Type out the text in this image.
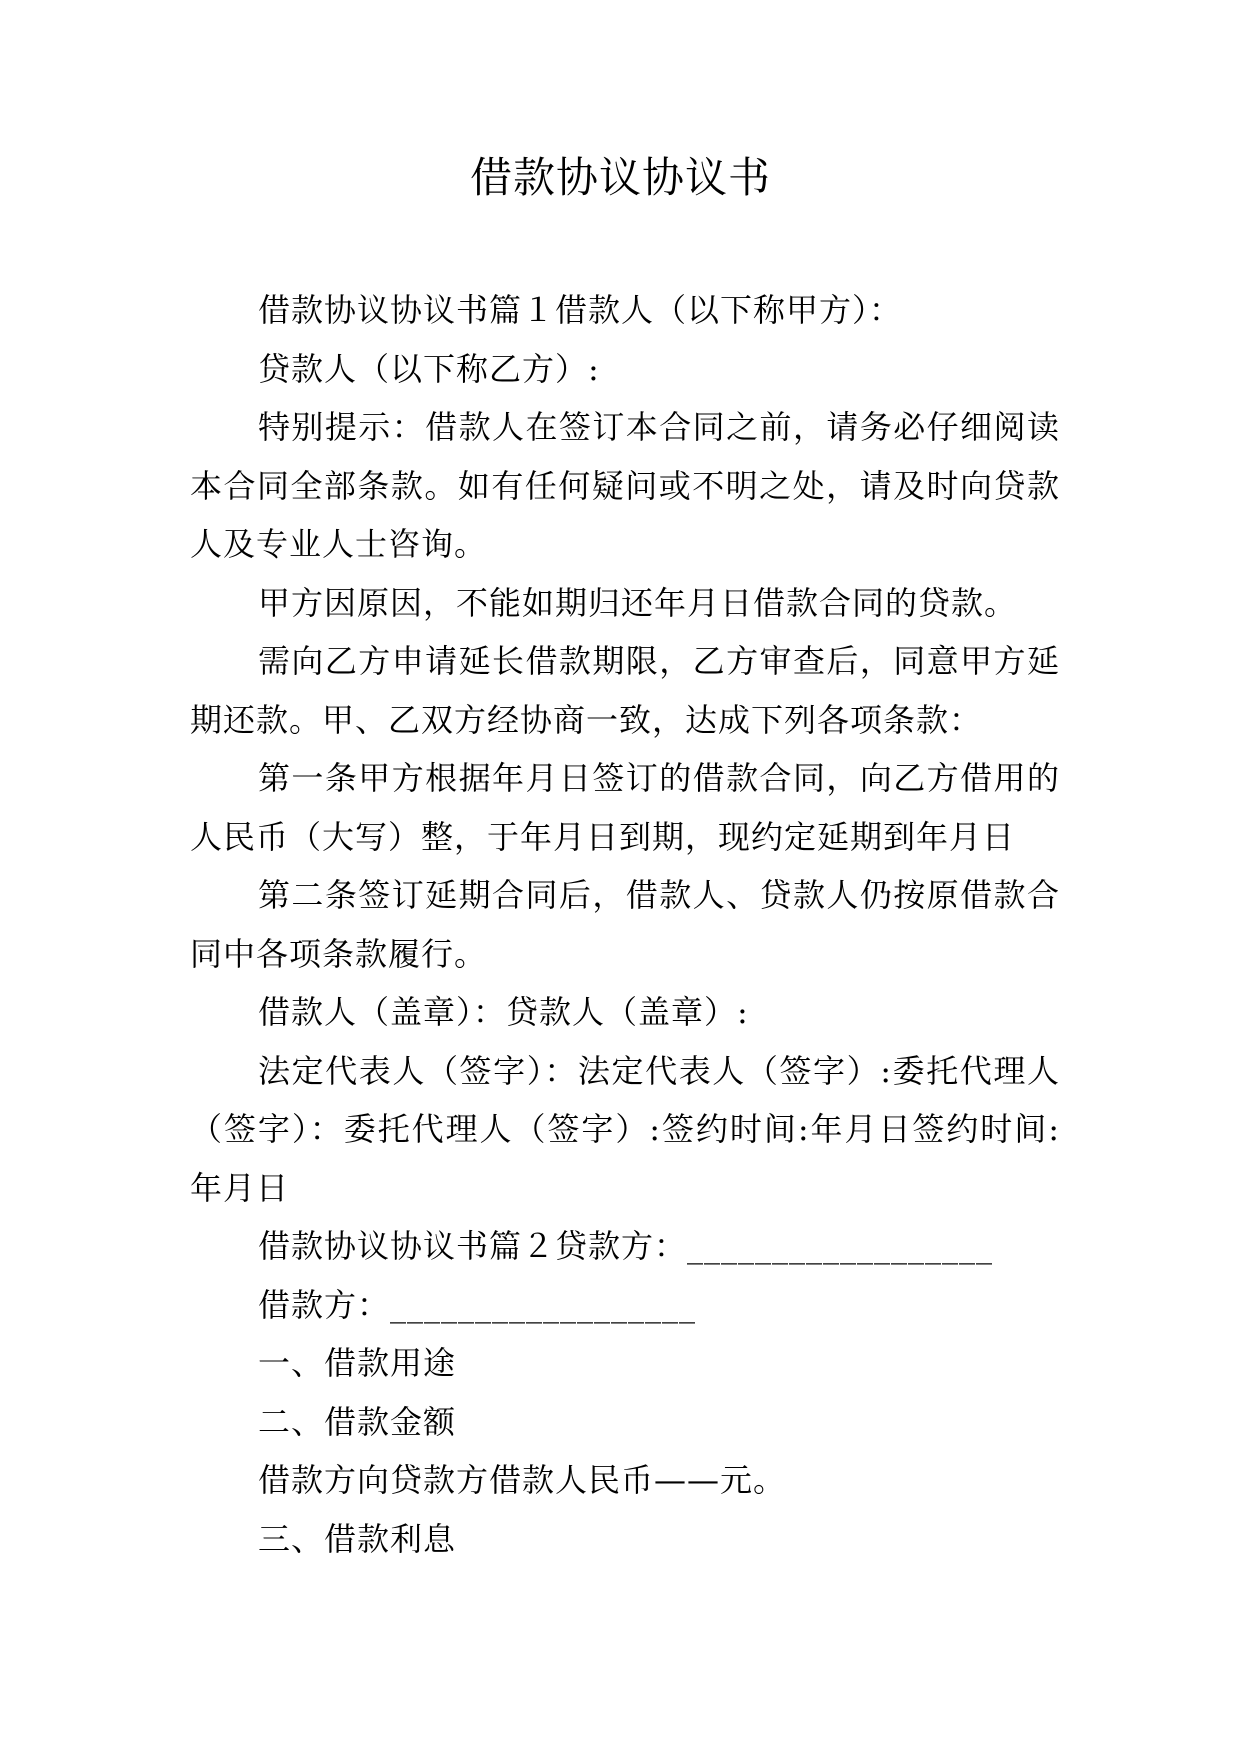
借款协议协议书

借款协议协议书篇１借款人（以下称甲方）：

贷款人（以下称乙方）:

特别提示：借款人在签订本合同之前，请务必仔细阅读本合同全部条款。如有任何疑问或不明之处，请及时向贷款人及专业人士咨询。

甲方因原因，不能如期归还年月日借款合同的贷款。

需向乙方申请延长借款期限，乙方审查后，同意甲方延期还款。甲、乙双方经协商一致，达成下列各项条款：

第一条甲方根据年月日签订的借款合同，向乙方借用的人民币（大写）整，于年月日到期，现约定延期到年月日

第二条签订延期合同后，借款人、贷款人仍按原借款合同中各项条款履行。

借款人（盖章）：贷款人（盖章）:

法定代表人（签字）：法定代表人（签字）:委托代理人（签字）：委托代理人（签字）:签约时间:年月日签约时间:年月日

借款协议协议书篇２贷款方：__________________

借款方：__________________

一、借款用途

二、借款金额

借款方向贷款方借款人民币——元。

三、借款利息
